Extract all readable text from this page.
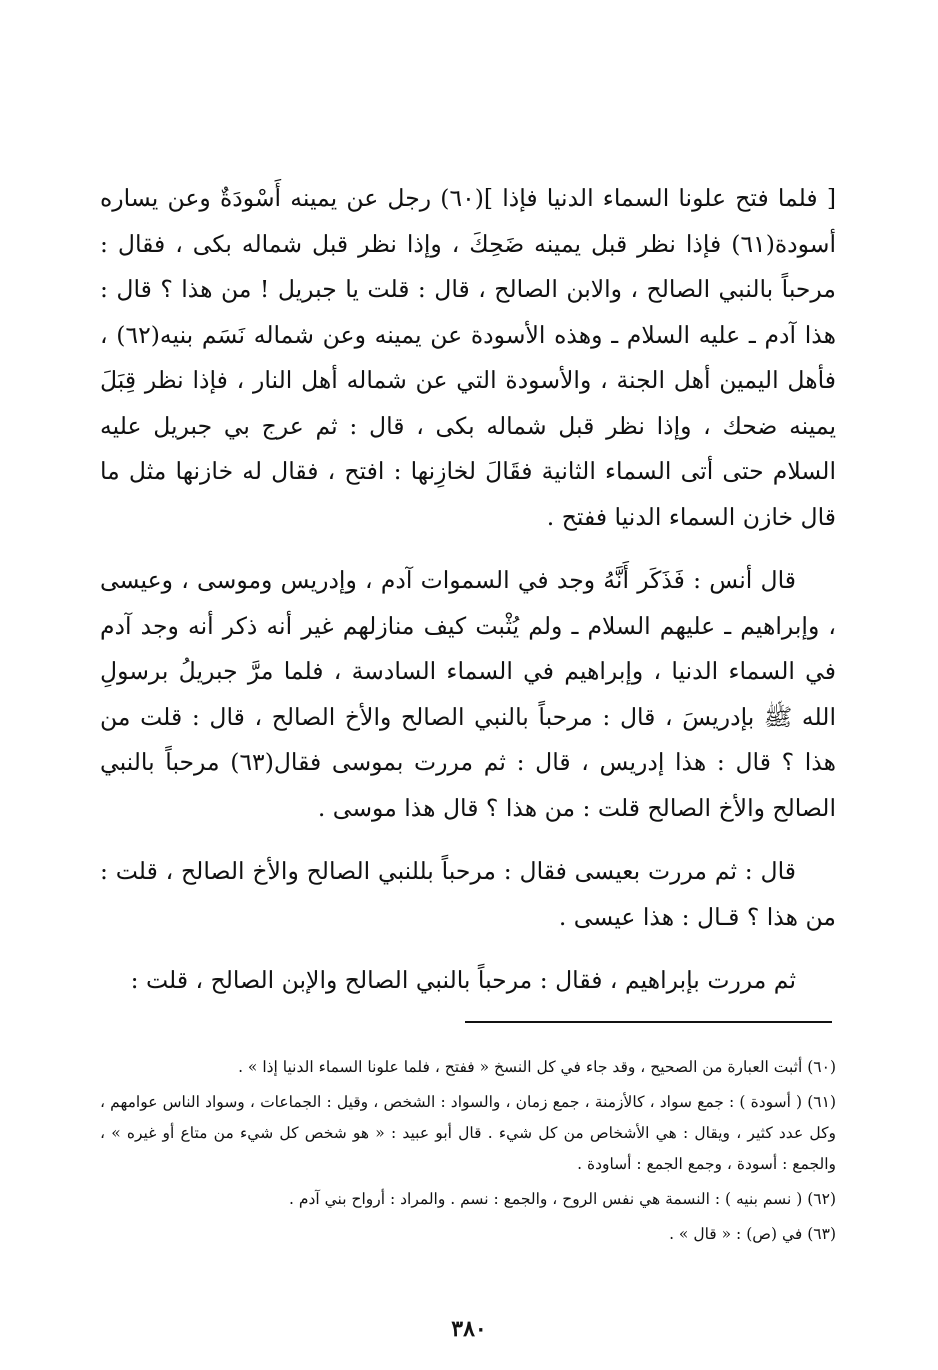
[ فلما فتح علونا السماء الدنيا فإذا ](٦٠) رجل عن يمينه أَسْودَةٌ وعن يساره أسودة(٦١) فإذا نظر قبل يمينه ضَحِكَ ، وإذا نظر قبل شماله بكى ، فقال : مرحباً بالنبي الصالح ، والابن الصالح ، قال : قلت يا جبريل ! من هذا ؟ قال : هذا آدم ـ عليه السلام ـ وهذه الأسودة عن يمينه وعن شماله نَسَم بنيه(٦٢) ، فأهل اليمين أهل الجنة ، والأسودة التي عن شماله أهل النار ، فإذا نظر قِبَلَ يمينه ضحك ، وإذا نظر قبل شماله بكى ، قال : ثم عرج بي جبريل عليه السلام حتى أتى السماء الثانية فقَالَ لخازِنها : افتح ، فقال له خازنها مثل ما قال خازن السماء الدنيا ففتح .

قال أنس : فَذَكَر أَنَّهُ وجد في السموات آدم ، وإدريس وموسى ، وعيسى ، وإبراهيم ـ عليهم السلام ـ ولم يُثْبت كيف منازلهم غير أنه ذكر أنه وجد آدم في السماء الدنيا ، وإبراهيم في السماء السادسة ، فلما مرَّ جبريلُ برسولِ الله ﷺ بإدريسَ ، قال : مرحباً بالنبي الصالح والأخ الصالح ، قال : قلت من هذا ؟ قال : هذا إدريس ، قال : ثم مررت بموسى فقال(٦٣) مرحباً بالنبي الصالح والأخ الصالح قلت : من هذا ؟ قال هذا موسى .

قال : ثم مررت بعيسى فقال : مرحباً بللنبي الصالح والأخ الصالح ، قلت : من هذا ؟ قـال : هذا عيسى .

ثم مررت بإبراهيم ، فقال : مرحباً بالنبي الصالح والإبن الصالح ، قلت :

(٦٠) أثبت العبارة من الصحيح ، وقد جاء في كل النسخ « ففتح ، فلما علونا السماء الدنيا إذا » .

(٦١) ( أسودة ) : جمع سواد ، كالأزمنة ، جمع زمان ، والسواد : الشخص ، وقيل : الجماعات ، وسواد الناس عوامهم ، وكل عدد كثير ، ويقال : هي الأشخاص من كل شيء . قال أبو عبيد : « هو شخص كل شيء من متاع أو غيره » ، والجمع : أسودة ، وجمع الجمع : أساودة .

(٦٢) ( نسم بنيه ) : النسمة هي نفس الروح ، والجمع : نسم . والمراد : أرواح بني آدم .

(٦٣) في (ص) : « قال » .

٣٨٠
